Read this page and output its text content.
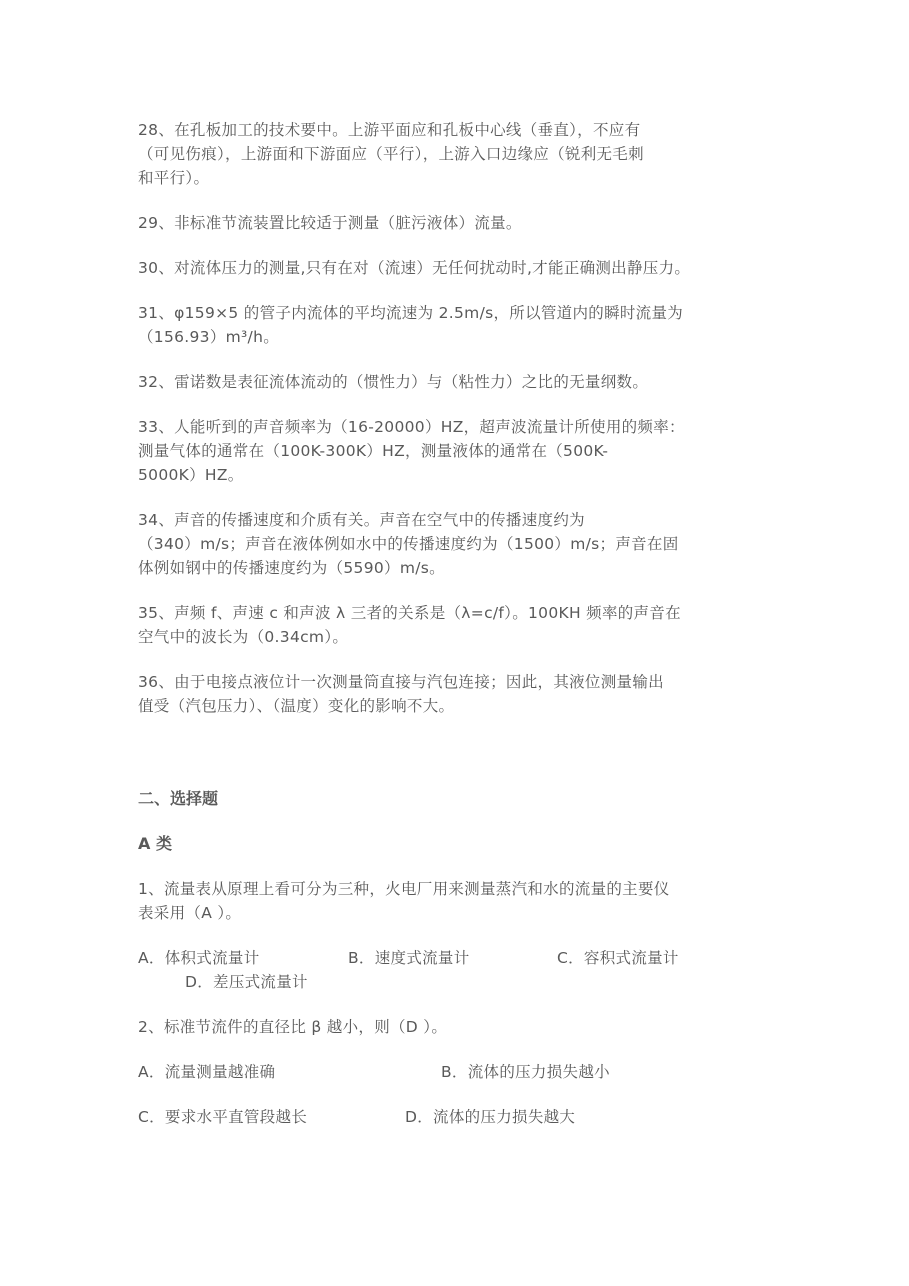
28、在孔板加工的技术要中。上游平面应和孔板中心线（垂直），不应有
（可见伤痕），上游面和下游面应（平行），上游入口边缘应（锐利无毛刺
和平行）。
29、非标准节流装置比较适于测量（脏污液体）流量。
30、对流体压力的测量,只有在对（流速）无任何扰动时,才能正确测出静压力。
31、φ159×5 的管子内流体的平均流速为 2.5m/s，所以管道内的瞬时流量为
（156.93）m³/h。
32、雷诺数是表征流体流动的（惯性力）与（粘性力）之比的无量纲数。
33、人能听到的声音频率为（16-20000）HZ，超声波流量计所使用的频率：
测量气体的通常在（100K-300K）HZ，测量液体的通常在（500K-
5000K）HZ。
34、声音的传播速度和介质有关。声音在空气中的传播速度约为
（340）m/s；声音在液体例如水中的传播速度约为（1500）m/s；声音在固
体例如钢中的传播速度约为（5590）m/s。
35、声频 f、声速 c 和声波 λ 三者的关系是（λ=c/f）。100KH 频率的声音在
空气中的波长为（0.34cm）。
36、由于电接点液位计一次测量筒直接与汽包连接；因此，其液位测量输出
值受（汽包压力）、（温度）变化的影响不大。
二、选择题
A 类
1、流量表从原理上看可分为三种，火电厂用来测量蒸汽和水的流量的主要仪
表采用（A ）。
A．体积式流量计	B．速度式流量计	C．容积式流量计
D．差压式流量计
2、标准节流件的直径比 β 越小，则（D ）。
A．流量测量越准确	B．流体的压力损失越小
C．要求水平直管段越长	D．流体的压力损失越大
